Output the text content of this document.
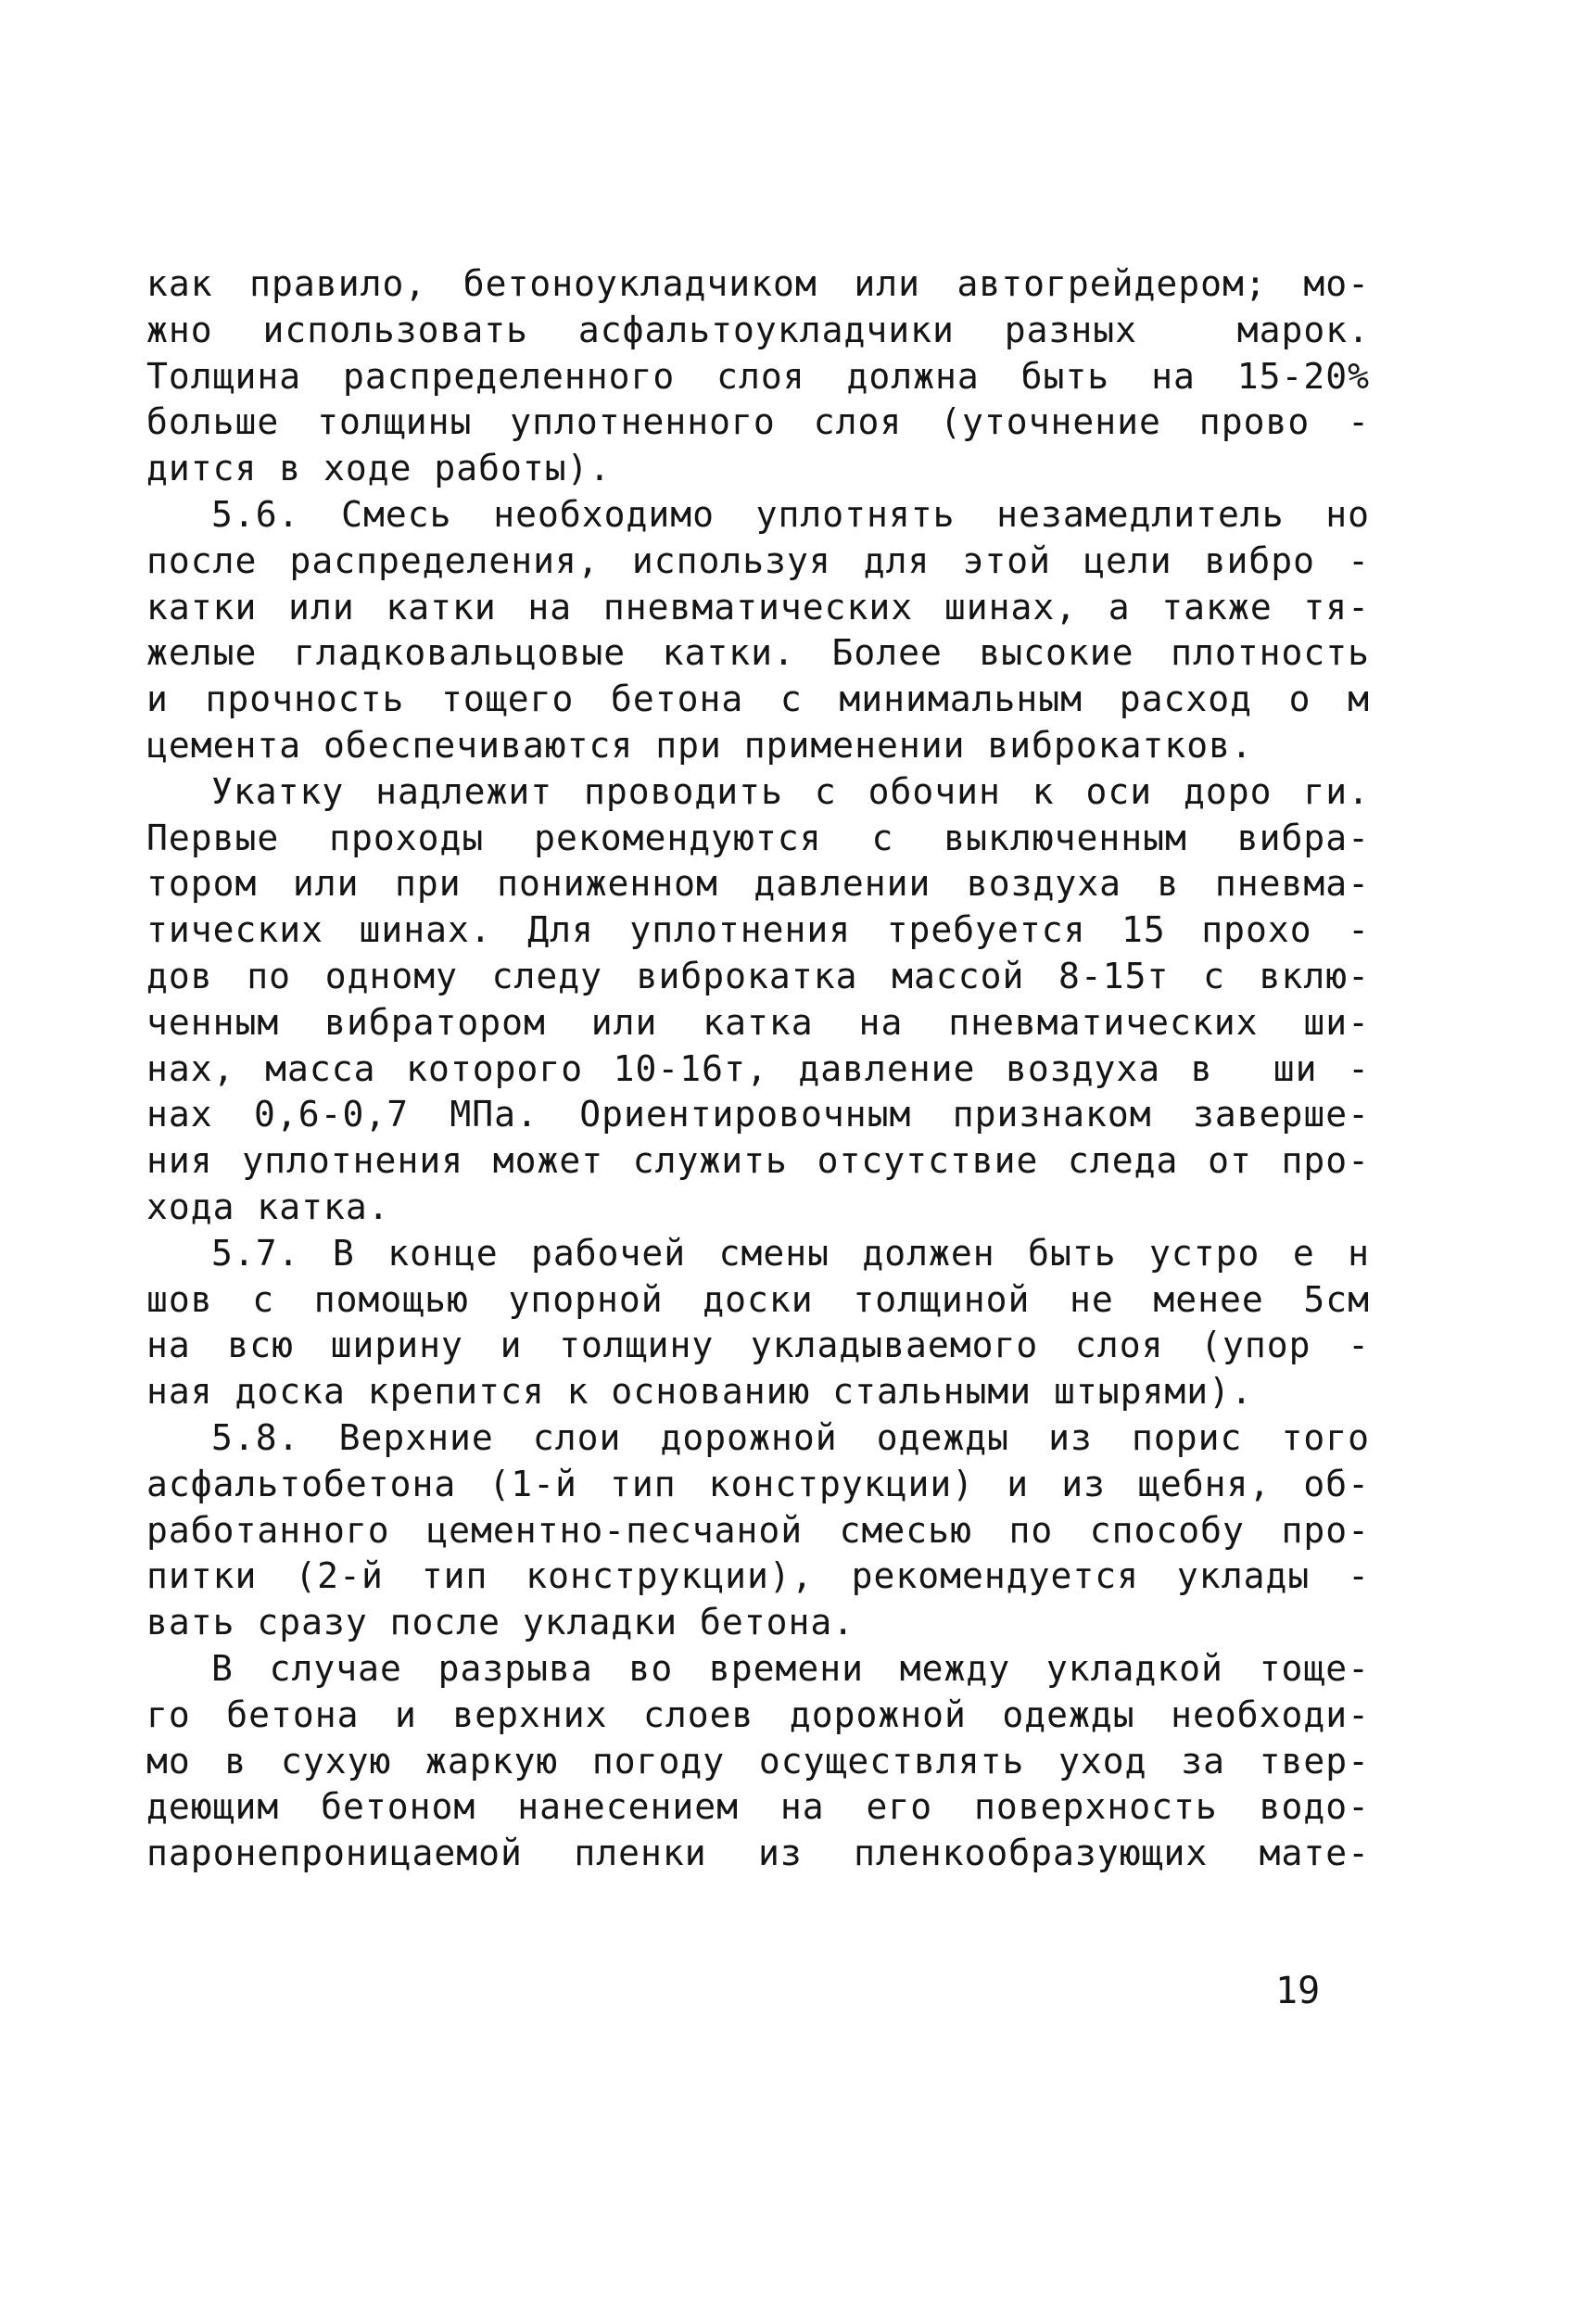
как правило, бетоноукладчиком или автогрейдером; мо-
жно использовать асфальтоукладчики разных  марок.
Толщина распределенного слоя должна быть на 15-20%
больше толщины уплотненного слоя (уточнение прово -
дится в ходе работы).
5.6. Смесь необходимо уплотнять незамедлитель но
после распределения, используя для этой цели вибро -
катки или катки на пневматических шинах, а также тя-
желые гладковальцовые катки. Более высокие плотность
и прочность тощего бетона с минимальным расход о м
цемента обеспечиваются при применении виброкатков.
Укатку надлежит проводить с обочин к оси доро ги.
Первые проходы рекомендуются с выключенным вибра-
тором или при пониженном давлении воздуха в пневма-
тических шинах. Для уплотнения требуется 15 прохо -
дов по одному следу виброкатка массой 8-15т с вклю-
ченным вибратором или катка на пневматических ши-
нах, масса которого 10-16т, давление воздуха в  ши -
нах 0,6-0,7 МПа. Ориентировочным признаком заверше-
ния уплотнения может служить отсутствие следа от про-
хода катка.
5.7. В конце рабочей смены должен быть устро е н
шов с помощью упорной доски толщиной не менее 5см
на всю ширину и толщину укладываемого слоя (упор -
ная доска крепится к основанию стальными штырями).
5.8. Верхние слои дорожной одежды из порис того
асфальтобетона (1-й тип конструкции) и из щебня, об-
работанного цементно-песчаной смесью по способу про-
питки (2-й тип конструкции), рекомендуется уклады -
вать сразу после укладки бетона.
В случае разрыва во времени между укладкой тоще-
го бетона и верхних слоев дорожной одежды необходи-
мо в сухую жаркую погоду осуществлять уход за твер-
деющим бетоном нанесением на его поверхность водо-
паронепроницаемой пленки из пленкообразующих мате-
19
